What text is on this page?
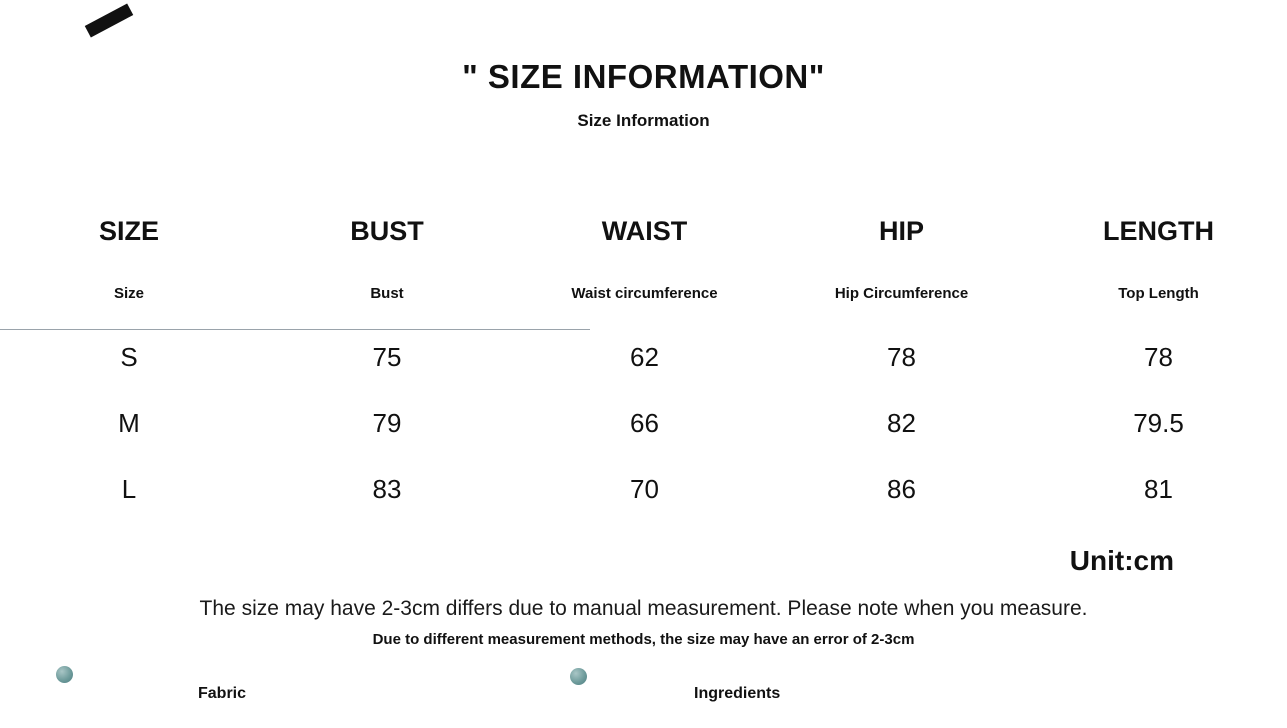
" SIZE INFORMATION"
Size Information
SIZE	BUST	WAIST	HIP	LENGTH
Size	Bust	Waist circumference	Hip Circumference	Top Length
S	75	62	78	78
M	79	66	82	79.5
L	83	70	86	81
Unit:cm
The size may have 2-3cm differs due to manual measurement. Please note when you measure.
Due to different measurement methods, the size may have an error of 2-3cm
Fabric	Ingredients
